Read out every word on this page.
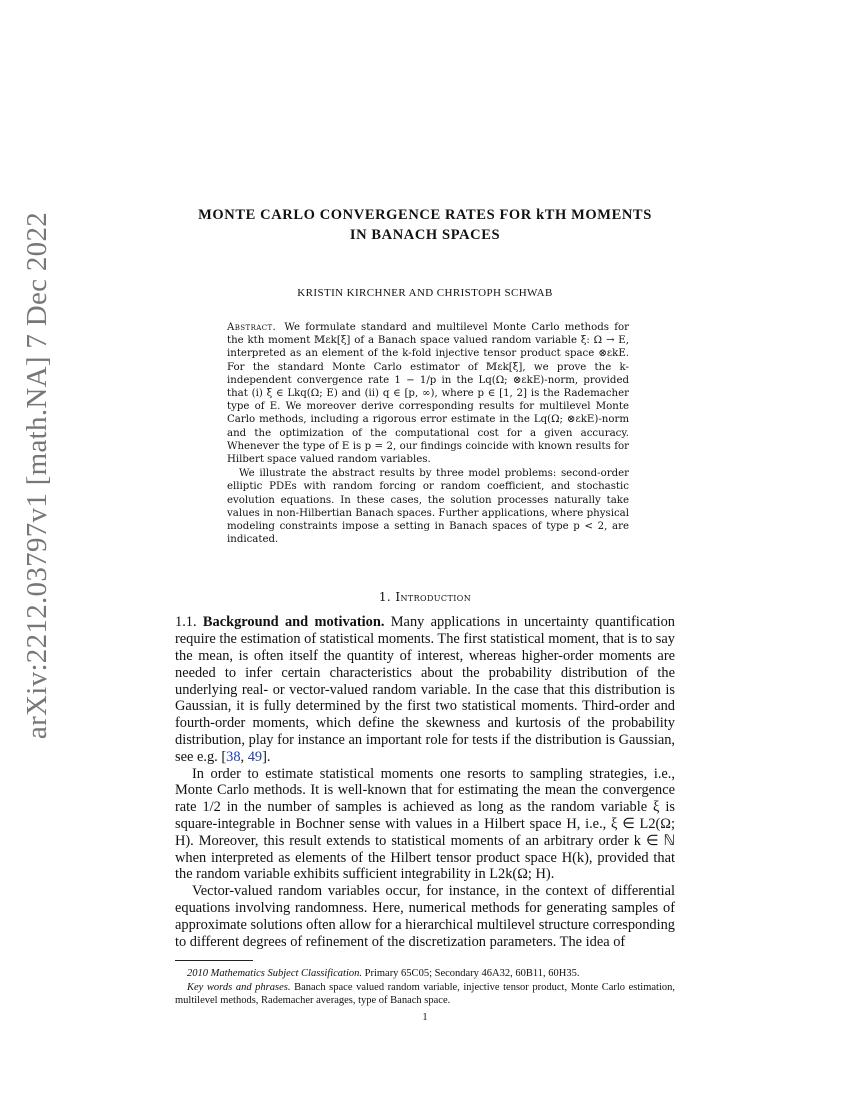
arXiv:2212.03797v1 [math.NA] 7 Dec 2022	MONTE CARLO CONVERGENCE RATES FOR kTH MOMENTS
IN BANACH SPACES
KRISTIN KIRCHNER AND CHRISTOPH SCHWAB

Abstract. We formulate standard and multilevel Monte Carlo methods for the kth moment 𝕄εk[ξ] of a Banach space valued random variable ξ: Ω → E, interpreted as an element of the k-fold injective tensor product space ⊗εkE. For the standard Monte Carlo estimator of 𝕄εk[ξ], we prove the k-independent convergence rate 1 − 1/p in the Lq(Ω; ⊗εkE)-norm, provided that (i) ξ ∈ Lkq(Ω; E) and (ii) q ∈ [p, ∞), where p ∈ [1, 2] is the Rademacher type of E. We moreover derive corresponding results for multilevel Monte Carlo methods, including a rigorous error estimate in the Lq(Ω; ⊗εkE)-norm and the optimization of the computational cost for a given accuracy. Whenever the type of E is p = 2, our findings coincide with known results for Hilbert space valued random variables.

We illustrate the abstract results by three model problems: second-order elliptic PDEs with random forcing or random coefficient, and stochastic evolution equations. In these cases, the solution processes naturally take values in non-Hilbertian Banach spaces. Further applications, where physical modeling constraints impose a setting in Banach spaces of type p < 2, are indicated.

1. Introduction

1.1. Background and motivation. Many applications in uncertainty quantification require the estimation of statistical moments. The first statistical moment, that is to say the mean, is often itself the quantity of interest, whereas higher-order moments are needed to infer certain characteristics about the probability distribution of the underlying real- or vector-valued random variable. In the case that this distribution is Gaussian, it is fully determined by the first two statistical moments. Third-order and fourth-order moments, which define the skewness and kurtosis of the probability distribution, play for instance an important role for tests if the distribution is Gaussian, see e.g. [38, 49].

In order to estimate statistical moments one resorts to sampling strategies, i.e., Monte Carlo methods. It is well-known that for estimating the mean the convergence rate 1/2 in the number of samples is achieved as long as the random variable ξ is square-integrable in Bochner sense with values in a Hilbert space H, i.e., ξ ∈ L2(Ω; H). Moreover, this result extends to statistical moments of an arbitrary order k ∈ ℕ when interpreted as elements of the Hilbert tensor product space H(k), provided that the random variable exhibits sufficient integrability in L2k(Ω; H).

Vector-valued random variables occur, for instance, in the context of differential equations involving randomness. Here, numerical methods for generating samples of approximate solutions often allow for a hierarchical multilevel structure corresponding to different degrees of refinement of the discretization parameters. The idea of

2010 Mathematics Subject Classification. Primary 65C05; Secondary 46A32, 60B11, 60H35.

Key words and phrases. Banach space valued random variable, injective tensor product, Monte Carlo estimation, multilevel methods, Rademacher averages, type of Banach space.

1
